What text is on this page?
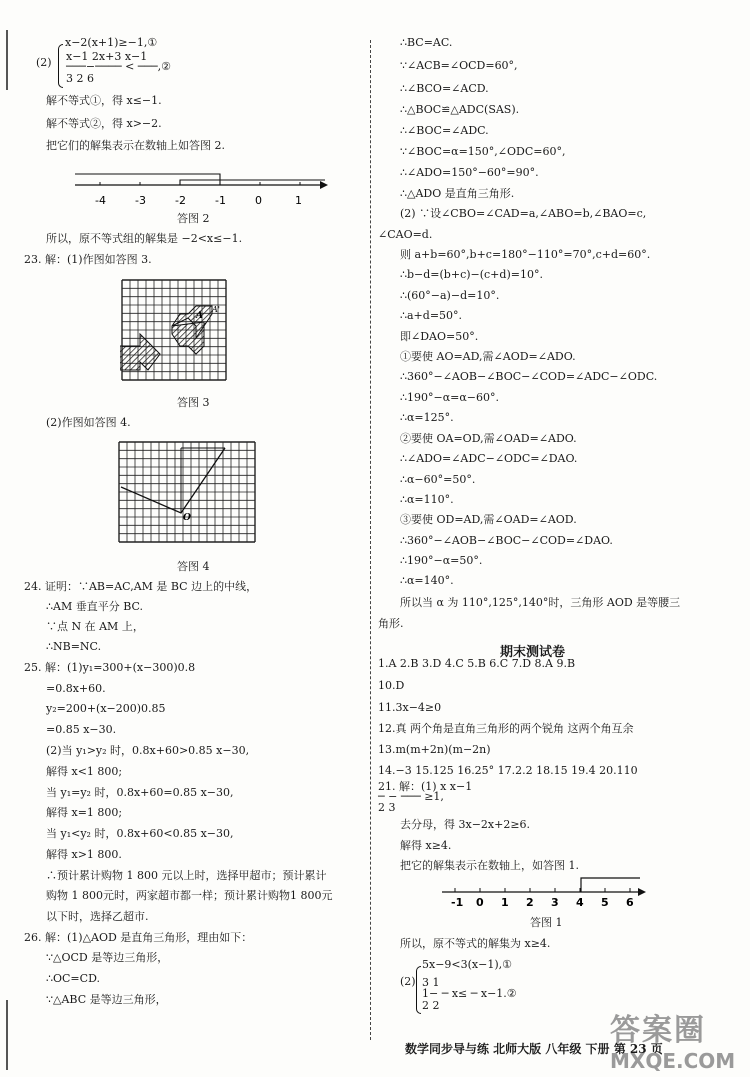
x−2(x+1)≥−1,①
(2) x−1 2x+3 x−1
───−──── < ───,②
3 2 6
解不等式①，得 x≤−1.
解不等式②，得 x>−2.
把它们的解集表示在数轴上如答图 2.
答图 2
所以，原不等式组的解集是 −2<x≤−1.
23. 解：(1)作图如答图 3.
答图 3
(2)作图如答图 4.
答图 4
24. 证明：∵AB=AC,AM 是 BC 边上的中线，
∴AM 垂直平分 BC.
∵点 N 在 AM 上，
∴NB=NC.
25. 解：(1)y₁=300+(x−300)0.8
=0.8x+60.
y₂=200+(x−200)0.85
=0.85 x−30.
(2)当 y₁>y₂ 时，0.8x+60>0.85 x−30,
解得 x<1 800;
当 y₁=y₂ 时，0.8x+60=0.85 x−30,
解得 x=1 800;
当 y₁<y₂ 时，0.8x+60<0.85 x−30,
解得 x>1 800.
∴预计累计购物 1 800 元以上时，选择甲超市；预计累计
购物 1 800元时，两家超市都一样；预计累计购物1 800元
以下时，选择乙超市.
26. 解：(1)△AOD 是直角三角形，理由如下：
∵△OCD 是等边三角形，
∴OC=CD.
∵△ABC 是等边三角形，
∴BC=AC.
∵∠ACB=∠OCD=60°,
∴∠BCO=∠ACD.
∴△BOC≌△ADC(SAS).
∴∠BOC=∠ADC.
∵∠BOC=α=150°,∠ODC=60°,
∴∠ADO=150°−60°=90°.
∴△ADO 是直角三角形.
(2) ∵设∠CBO=∠CAD=a,∠ABO=b,∠BAO=c,
∠CAO=d.
则 a+b=60°,b+c=180°−110°=70°,c+d=60°.
∴b−d=(b+c)−(c+d)=10°.
∴(60°−a)−d=10°.
∴a+d=50°.
即∠DAO=50°.
①要使 AO=AD,需∠AOD=∠ADO.
∴360°−∠AOB−∠BOC−∠COD=∠ADC−∠ODC.
∴190°−α=α−60°.
∴α=125°.
②要使 OA=OD,需∠OAD=∠ADO.
∴∠ADO=∠ADC−∠ODC=∠DAO.
∴α−60°=50°.
∴α=110°.
③要使 OD=AD,需∠OAD=∠AOD.
∴360°−∠AOB−∠BOC−∠COD=∠DAO.
∴190°−α=50°.
∴α=140°.
所以当 α 为 110°,125°,140°时，三角形 AOD 是等腰三
角形.
1.A 2.B 3.D 4.C 5.B 6.C 7.D 8.A 9.B
10.D
11.3x−4≥0
12.真 两个角是直角三角形的两个锐角 这两个角互余
13.m(m+2n)(m−2n)
14.−3 15.125 16.25° 17.2.2 18.15 19.4 20.110
21. 解：(1) x x−1
─ − ─── ≥1,
2 3
去分母，得 3x−2x+2≥6.
解得 x≥4.
把它的解集表示在数轴上，如答图 1.
答图 1
所以，原不等式的解集为 x≥4.
5x−9<3(x−1),①
(2) 3 1
1− ─ x≤ ─ x−1.②
2 2
期末测试卷
-4	-3	-2	-1	0	1
A
A'
O
-1 0 1 2 3 4 5 6
数学同步导与练 北师大版 八年级 下册 第 23 页
答案圈
MXQE.COM
